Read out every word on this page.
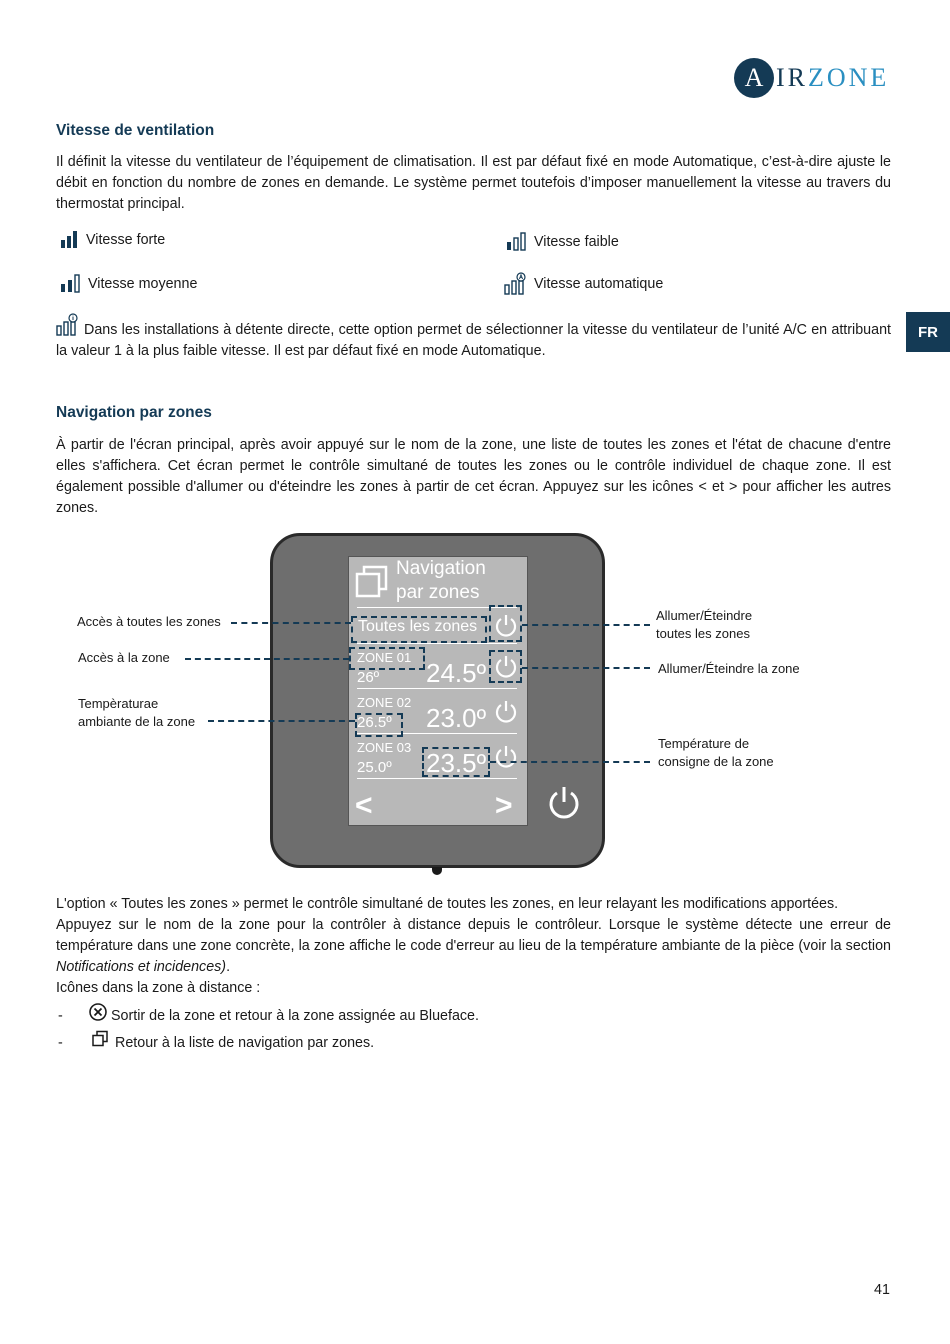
A IRZONE
FR
Vitesse de ventilation

Il définit la vitesse du ventilateur de l’équipement de climatisation. Il est par défaut fixé en mode Automatique, c’est-à-dire ajuste le débit en fonction du nombre de zones en demande. Le système permet toutefois d’imposer manuellement la vitesse au travers du thermostat principal.

Vitesse forte	Vitesse faible
Vitesse moyenne	Vitesse automatique

Dans les installations à détente directe, cette option permet de sélectionner la vitesse du ventilateur de l’unité A/C en attribuant la valeur 1 à la plus faible vitesse. Il est par défaut fixé en mode Automatique.

Navigation par zones

À partir de l'écran principal, après avoir appuyé sur le nom de la zone, une liste de toutes les zones et l'état de chacune d'entre elles s'affichera. Cet écran permet le contrôle simultané de toutes les zones ou le contrôle individuel de chaque zone. Il est également possible d'allumer ou d'éteindre les zones à partir de cet écran. Appuyez sur les icônes < et > pour afficher les autres zones.

Navigation
par zones
Toutes les zones
ZONE 01
26º 24.5º
ZONE 02
26.5º 23.0º
ZONE 03
25.0º 23.5º
<	>
Accès à toutes les zones
Accès à la zone
Tempèraturae
ambiante de la zone
Allumer/Éteindre
toutes les zones
Allumer/Éteindre la zone
Température de
consigne de la zone

L'option « Toutes les zones » permet le contrôle simultané de toutes les zones, en leur relayant les modifications apportées.

Appuyez sur le nom de la zone pour la contrôler à distance depuis le contrôleur. Lorsque le système détecte une erreur de température dans une zone concrète, la zone affiche le code d'erreur au lieu de la température ambiante de la pièce (voir la section Notifications et incidences).

Icônes dans la zone à distance :

-	Sortir de la zone et retour à la zone assignée au Blueface.
-	Retour à la liste de navigation par zones.
41
